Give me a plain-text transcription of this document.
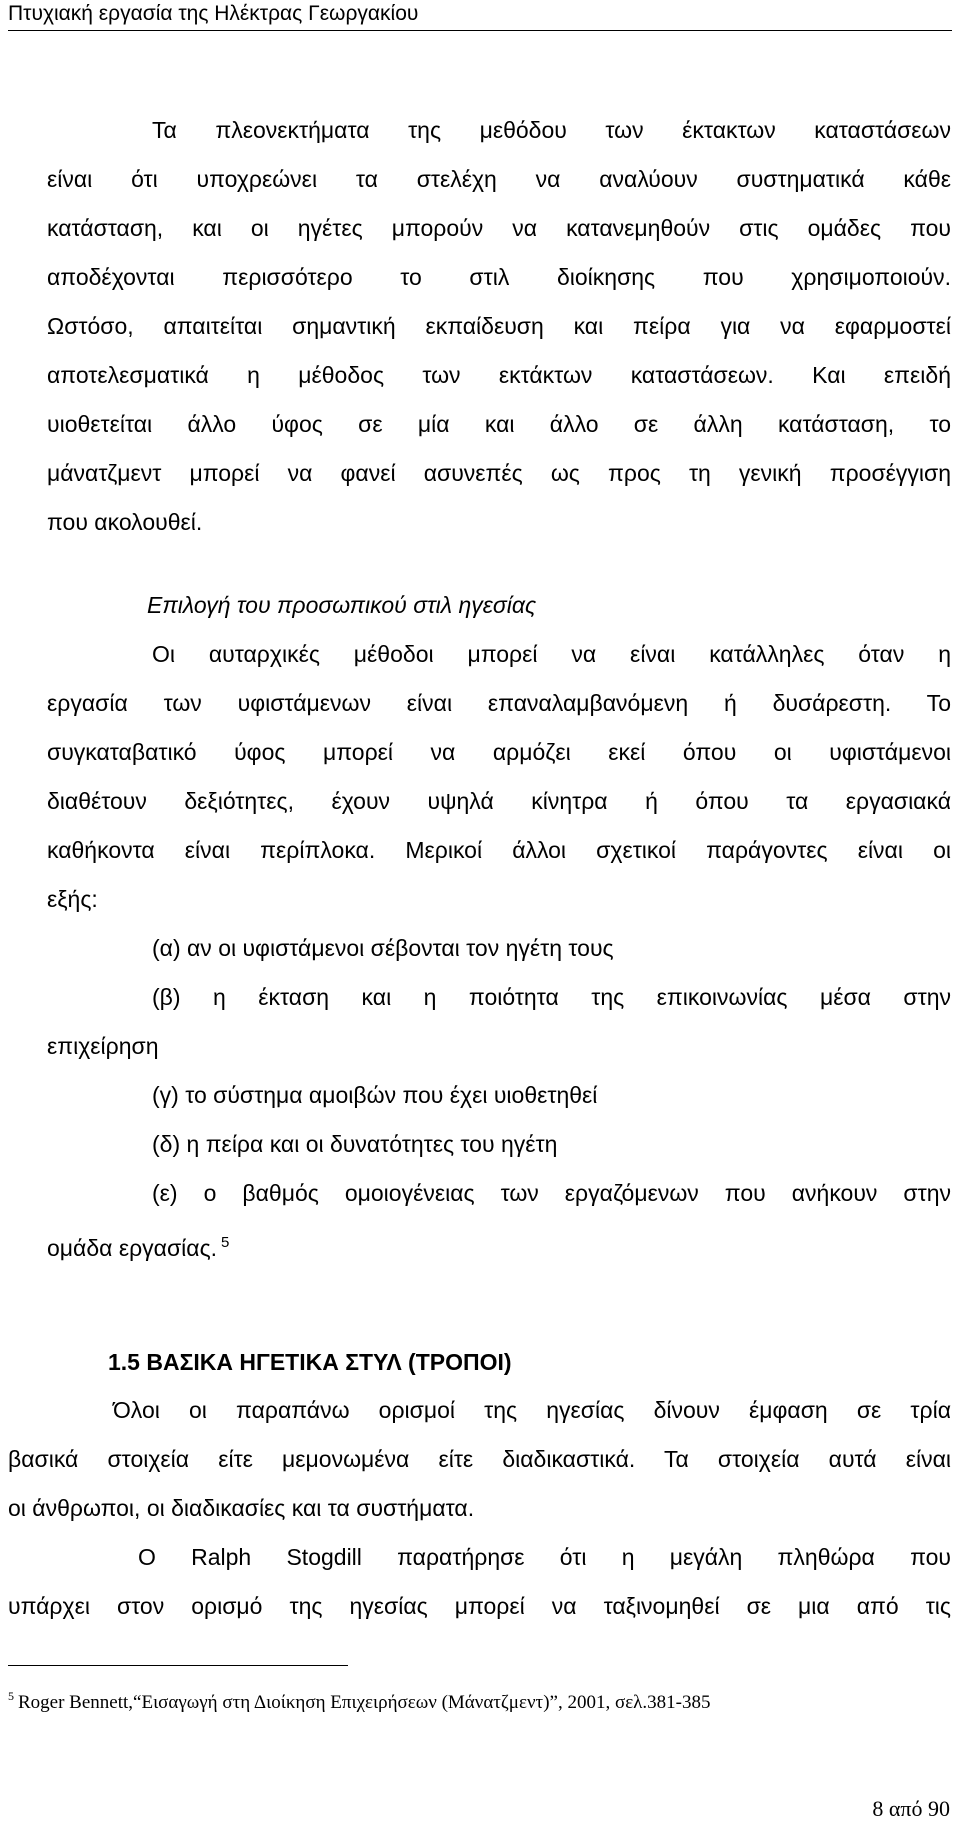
Πτυχιακή εργασία της Ηλέκτρας Γεωργακίου
Τα πλεονεκτήματα της μεθόδου των έκτακτων καταστάσεων
είναι ότι υποχρεώνει τα στελέχη να αναλύουν συστηματικά κάθε
κατάσταση, και οι ηγέτες μπορούν να κατανεμηθούν στις ομάδες που
αποδέχονται περισσότερο το στιλ διοίκησης που χρησιμοποιούν.
Ωστόσο, απαιτείται σημαντική εκπαίδευση και πείρα για να εφαρμοστεί
αποτελεσματικά η μέθοδος των εκτάκτων καταστάσεων. Και επειδή
υιοθετείται άλλο ύφος σε μία και άλλο σε άλλη κατάσταση, το
μάνατζμεντ μπορεί να φανεί ασυνεπές ως προς τη γενική προσέγγιση
που ακολουθεί.
Επιλογή του προσωπικού στιλ ηγεσίας
Οι αυταρχικές μέθοδοι μπορεί να είναι κατάλληλες όταν η
εργασία των υφιστάμενων είναι επαναλαμβανόμενη ή δυσάρεστη. Το
συγκαταβατικό ύφος μπορεί να αρμόζει εκεί όπου οι υφιστάμενοι
διαθέτουν δεξιότητες, έχουν υψηλά κίνητρα ή όπου τα εργασιακά
καθήκοντα είναι περίπλοκα. Μερικοί άλλοι σχετικοί παράγοντες είναι οι
εξής:
(α) αν οι υφιστάμενοι σέβονται τον ηγέτη τους
(β) η έκταση και η ποιότητα της επικοινωνίας μέσα στην
επιχείρηση
(γ) το σύστημα αμοιβών που έχει υιοθετηθεί
(δ) η πείρα και οι δυνατότητες του ηγέτη
(ε) ο βαθμός ομοιογένειας των εργαζόμενων που ανήκουν στην
ομάδα εργασίας. $^5$
1.5 ΒΑΣΙΚΑ ΗΓΕΤΙΚΑ ΣΤΥΛ (ΤΡΟΠΟΙ)
Όλοι οι παραπάνω ορισμοί της ηγεσίας δίνουν έμφαση σε τρία
βασικά στοιχεία είτε μεμονωμένα είτε διαδικαστικά. Τα στοιχεία αυτά είναι
οι άνθρωποι, οι διαδικασίες και τα συστήματα.
Ο Ralph Stogdill παρατήρησε ότι η μεγάλη πληθώρα που
υπάρχει στον ορισμό της ηγεσίας μπορεί να ταξινομηθεί σε μια από τις
$^5$ Roger Bennett,“Εισαγωγή στη Διοίκηση Επιχειρήσεων (Μάνατζμεντ)”, 2001, σελ.381-385
8 από 90
